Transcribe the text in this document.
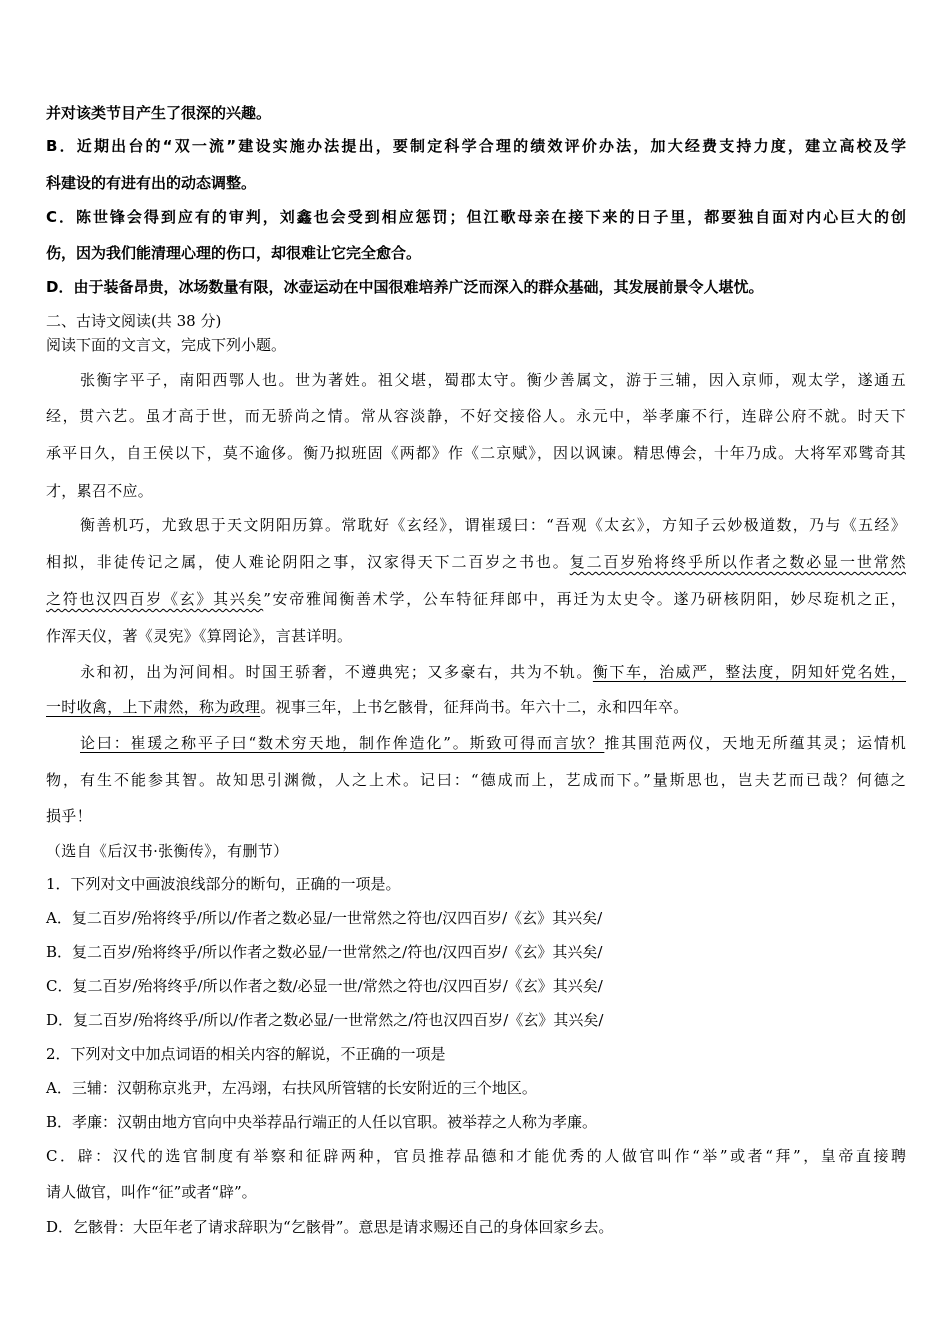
并对该类节目产生了很深的兴趣。
B．近期出台的“双一流”建设实施办法提出，要制定科学合理的绩效评价办法，加大经费支持力度，建立高校及学
科建设的有进有出的动态调整。
C．陈世锋会得到应有的审判，刘鑫也会受到相应惩罚；但江歌母亲在接下来的日子里，都要独自面对内心巨大的创
伤，因为我们能清理心理的伤口，却很难让它完全愈合。
D．由于装备昂贵，冰场数量有限，冰壶运动在中国很难培养广泛而深入的群众基础，其发展前景令人堪忧。
二、古诗文阅读(共 38 分)
阅读下面的文言文，完成下列小题。
张衡字平子，南阳西鄂人也。世为著姓。祖父堪，蜀郡太守。衡少善属文，游于三辅，因入京师，观太学，遂通五
经，贯六艺。虽才高于世，而无骄尚之情。常从容淡静，不好交接俗人。永元中，举孝廉不行，连辟公府不就。时天下
承平日久，自王侯以下，莫不逾侈。衡乃拟班固《两都》作《二京赋》，因以讽谏。精思傅会，十年乃成。大将军邓骘奇其
才，累召不应。
衡善机巧，尤致思于天文阴阳历算。常耽好《玄经》，谓崔瑗曰：“吾观《太玄》，方知子云妙极道数，乃与《五经》
相拟，非徒传记之属，使人难论阴阳之事，汉家得天下二百岁之书也。复二百岁殆将终乎所以作者之数必显一世常然
之符也汉四百岁《玄》其兴矣”安帝雅闻衡善术学，公车特征拜郎中，再迁为太史令。遂乃研核阴阳，妙尽琁机之正，
作浑天仪，著《灵宪》《算罔论》，言甚详明。
永和初，出为河间相。时国王骄奢，不遵典宪；又多豪右，共为不轨。衡下车，治威严，整法度，阴知奸党名姓，
一时收禽，上下肃然，称为政理。视事三年，上书乞骸骨，征拜尚书。年六十二，永和四年卒。
论曰：崔瑗之称平子曰“数术穷天地，制作侔造化”。斯致可得而言欤？推其围范两仪，天地无所蕴其灵；运情机
物，有生不能参其智。故知思引渊微，人之上术。记曰：“德成而上，艺成而下。”量斯思也，岂夫艺而已哉？何德之
损乎！
（选自《后汉书·张衡传》，有删节）
1．下列对文中画波浪线部分的断句，正确的一项是。
A．复二百岁/殆将终乎/所以/作者之数必显/一世常然之符也/汉四百岁/《玄》其兴矣/
B．复二百岁/殆将终乎/所以作者之数必显/一世常然之/符也/汉四百岁/《玄》其兴矣/
C．复二百岁/殆将终乎/所以作者之数/必显一世/常然之符也/汉四百岁/《玄》其兴矣/
D．复二百岁/殆将终乎/所以/作者之数必显/一世常然之/符也汉四百岁/《玄》其兴矣/
2．下列对文中加点词语的相关内容的解说，不正确的一项是
A．三辅：汉朝称京兆尹，左冯翊，右扶风所管辖的长安附近的三个地区。
B．孝廉：汉朝由地方官向中央举荐品行端正的人任以官职。被举荐之人称为孝廉。
C．辟：汉代的选官制度有举察和征辟两种，官员推荐品德和才能优秀的人做官叫作“举”或者“拜”，皇帝直接聘
请人做官，叫作“征”或者“辟”。
D．乞骸骨：大臣年老了请求辞职为“乞骸骨”。意思是请求赐还自己的身体回家乡去。
